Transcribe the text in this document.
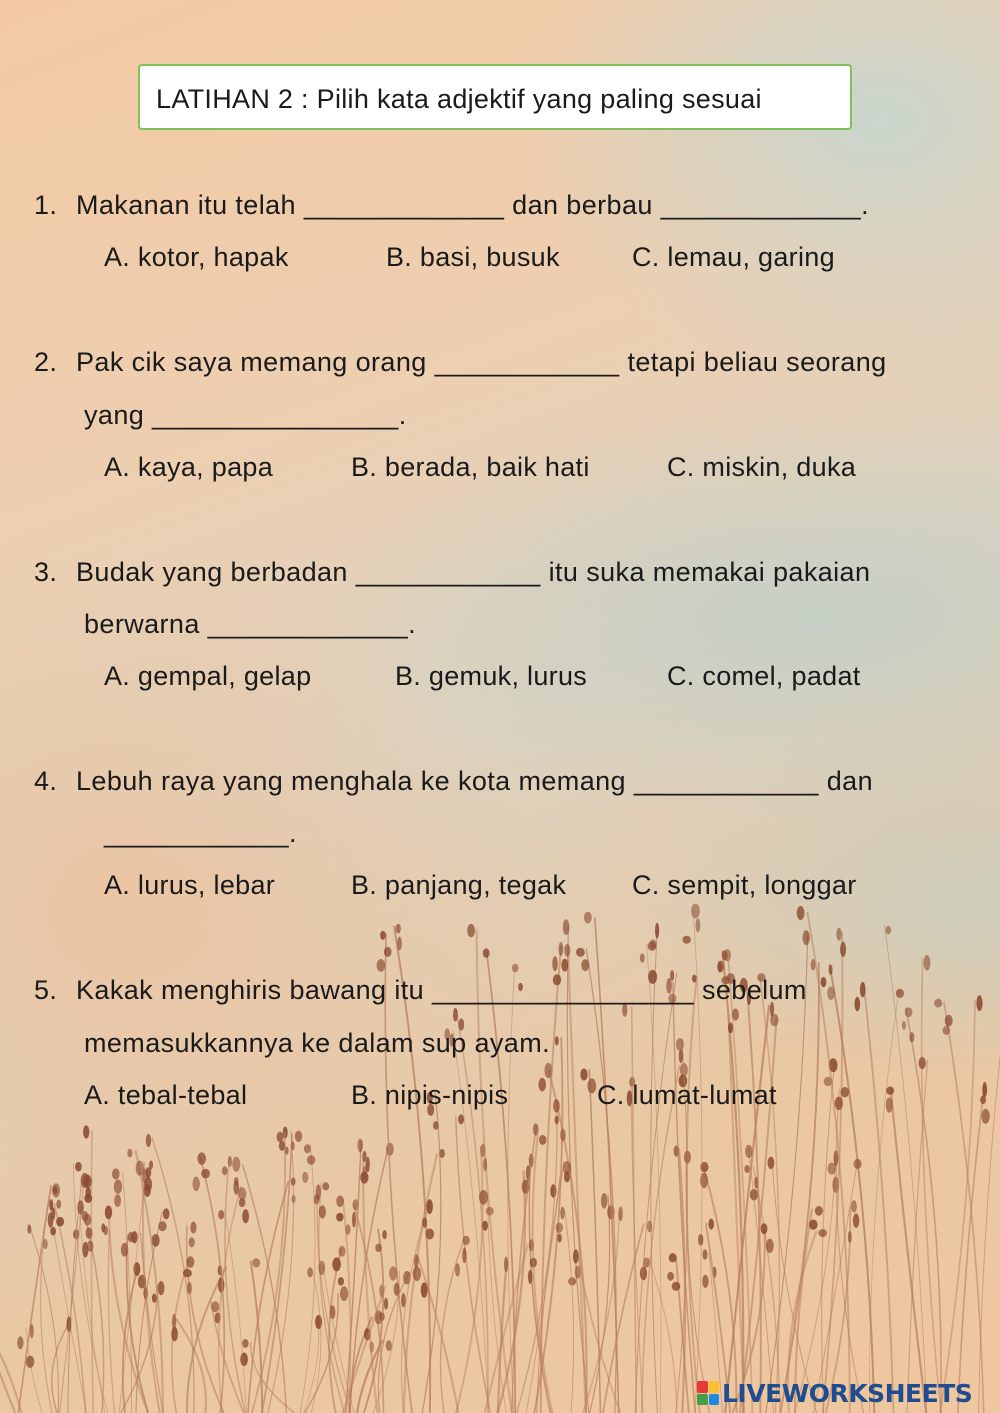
LATIHAN 2 : Pilih kata adjektif yang paling sesuai
1. Makanan itu telah _____________ dan berbau _____________.
A. kotor, hapak	B. basi, busuk	C. lemau, garing
2. Pak cik saya memang orang ____________ tetapi beliau seorang
yang ________________.
A. kaya, papa	B. berada, baik hati	C. miskin, duka
3. Budak yang berbadan ____________ itu suka memakai pakaian
berwarna _____________.
A. gempal, gelap	B. gemuk, lurus	C. comel, padat
4. Lebuh raya yang menghala ke kota memang ____________ dan
____________.
A. lurus, lebar	B. panjang, tegak C. sempit, longgar
5. Kakak menghiris bawang itu _________________ sebelum
memasukkannya ke dalam sup ayam.
A. tebal-tebal	B. nipis-nipis	C. lumat-lumat
LIVEWORKSHEETS
